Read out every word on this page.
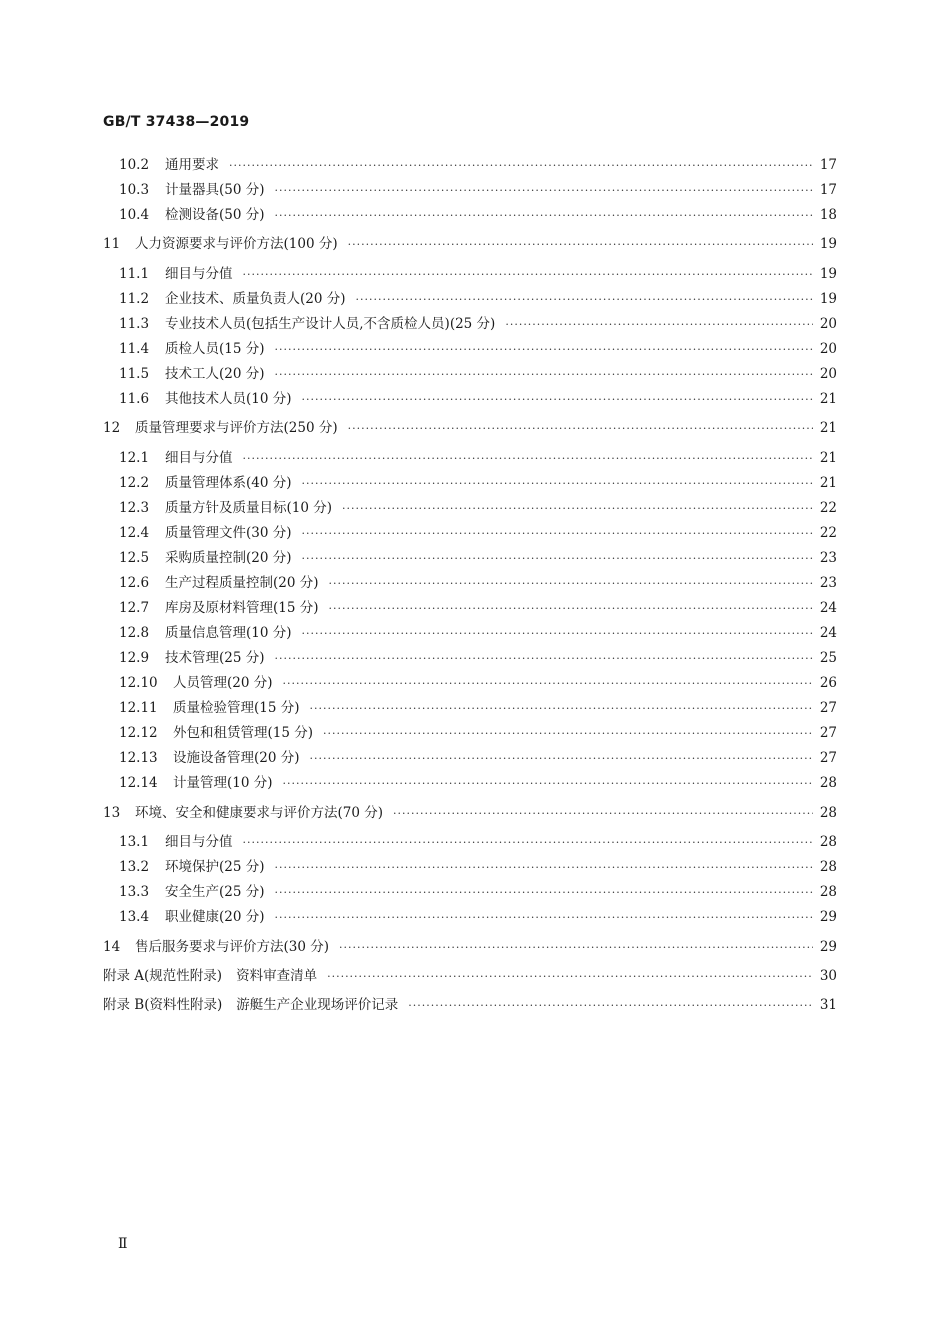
GB/T 37438—2019
10.2	通用要求 ·····	17
10.3	计量器具(50 分) ·····	17
10.4	检测设备(50 分) ·····	18
11	人力资源要求与评价方法(100 分) ·····	19
11.1	细目与分值 ·····	19
11.2	企业技术、质量负责人(20 分) ·····	19
11.3	专业技术人员(包括生产设计人员,不含质检人员)(25 分) ·····	20
11.4	质检人员(15 分) ·····	20
11.5	技术工人(20 分) ·····	20
11.6	其他技术人员(10 分) ·····	21
12	质量管理要求与评价方法(250 分) ·····	21
12.1	细目与分值 ·····	21
12.2	质量管理体系(40 分) ·····	21
12.3	质量方针及质量目标(10 分) ·····	22
12.4	质量管理文件(30 分) ·····	22
12.5	采购质量控制(20 分) ·····	23
12.6	生产过程质量控制(20 分) ·····	23
12.7	库房及原材料管理(15 分) ·····	24
12.8	质量信息管理(10 分) ·····	24
12.9	技术管理(25 分) ·····	25
12.10	人员管理(20 分) ·····	26
12.11	质量检验管理(15 分) ·····	27
12.12	外包和租赁管理(15 分) ·····	27
12.13	设施设备管理(20 分) ·····	27
12.14	计量管理(10 分) ·····	28
13	环境、安全和健康要求与评价方法(70 分) ·····	28
13.1	细目与分值 ·····	28
13.2	环境保护(25 分) ·····	28
13.3	安全生产(25 分) ·····	28
13.4	职业健康(20 分) ·····	29
14	售后服务要求与评价方法(30 分) ·····	29
附录 A(规范性附录)	资料审查清单 ·····	30
附录 B(资料性附录)	游艇生产企业现场评价记录 ·····	31
Ⅱ
